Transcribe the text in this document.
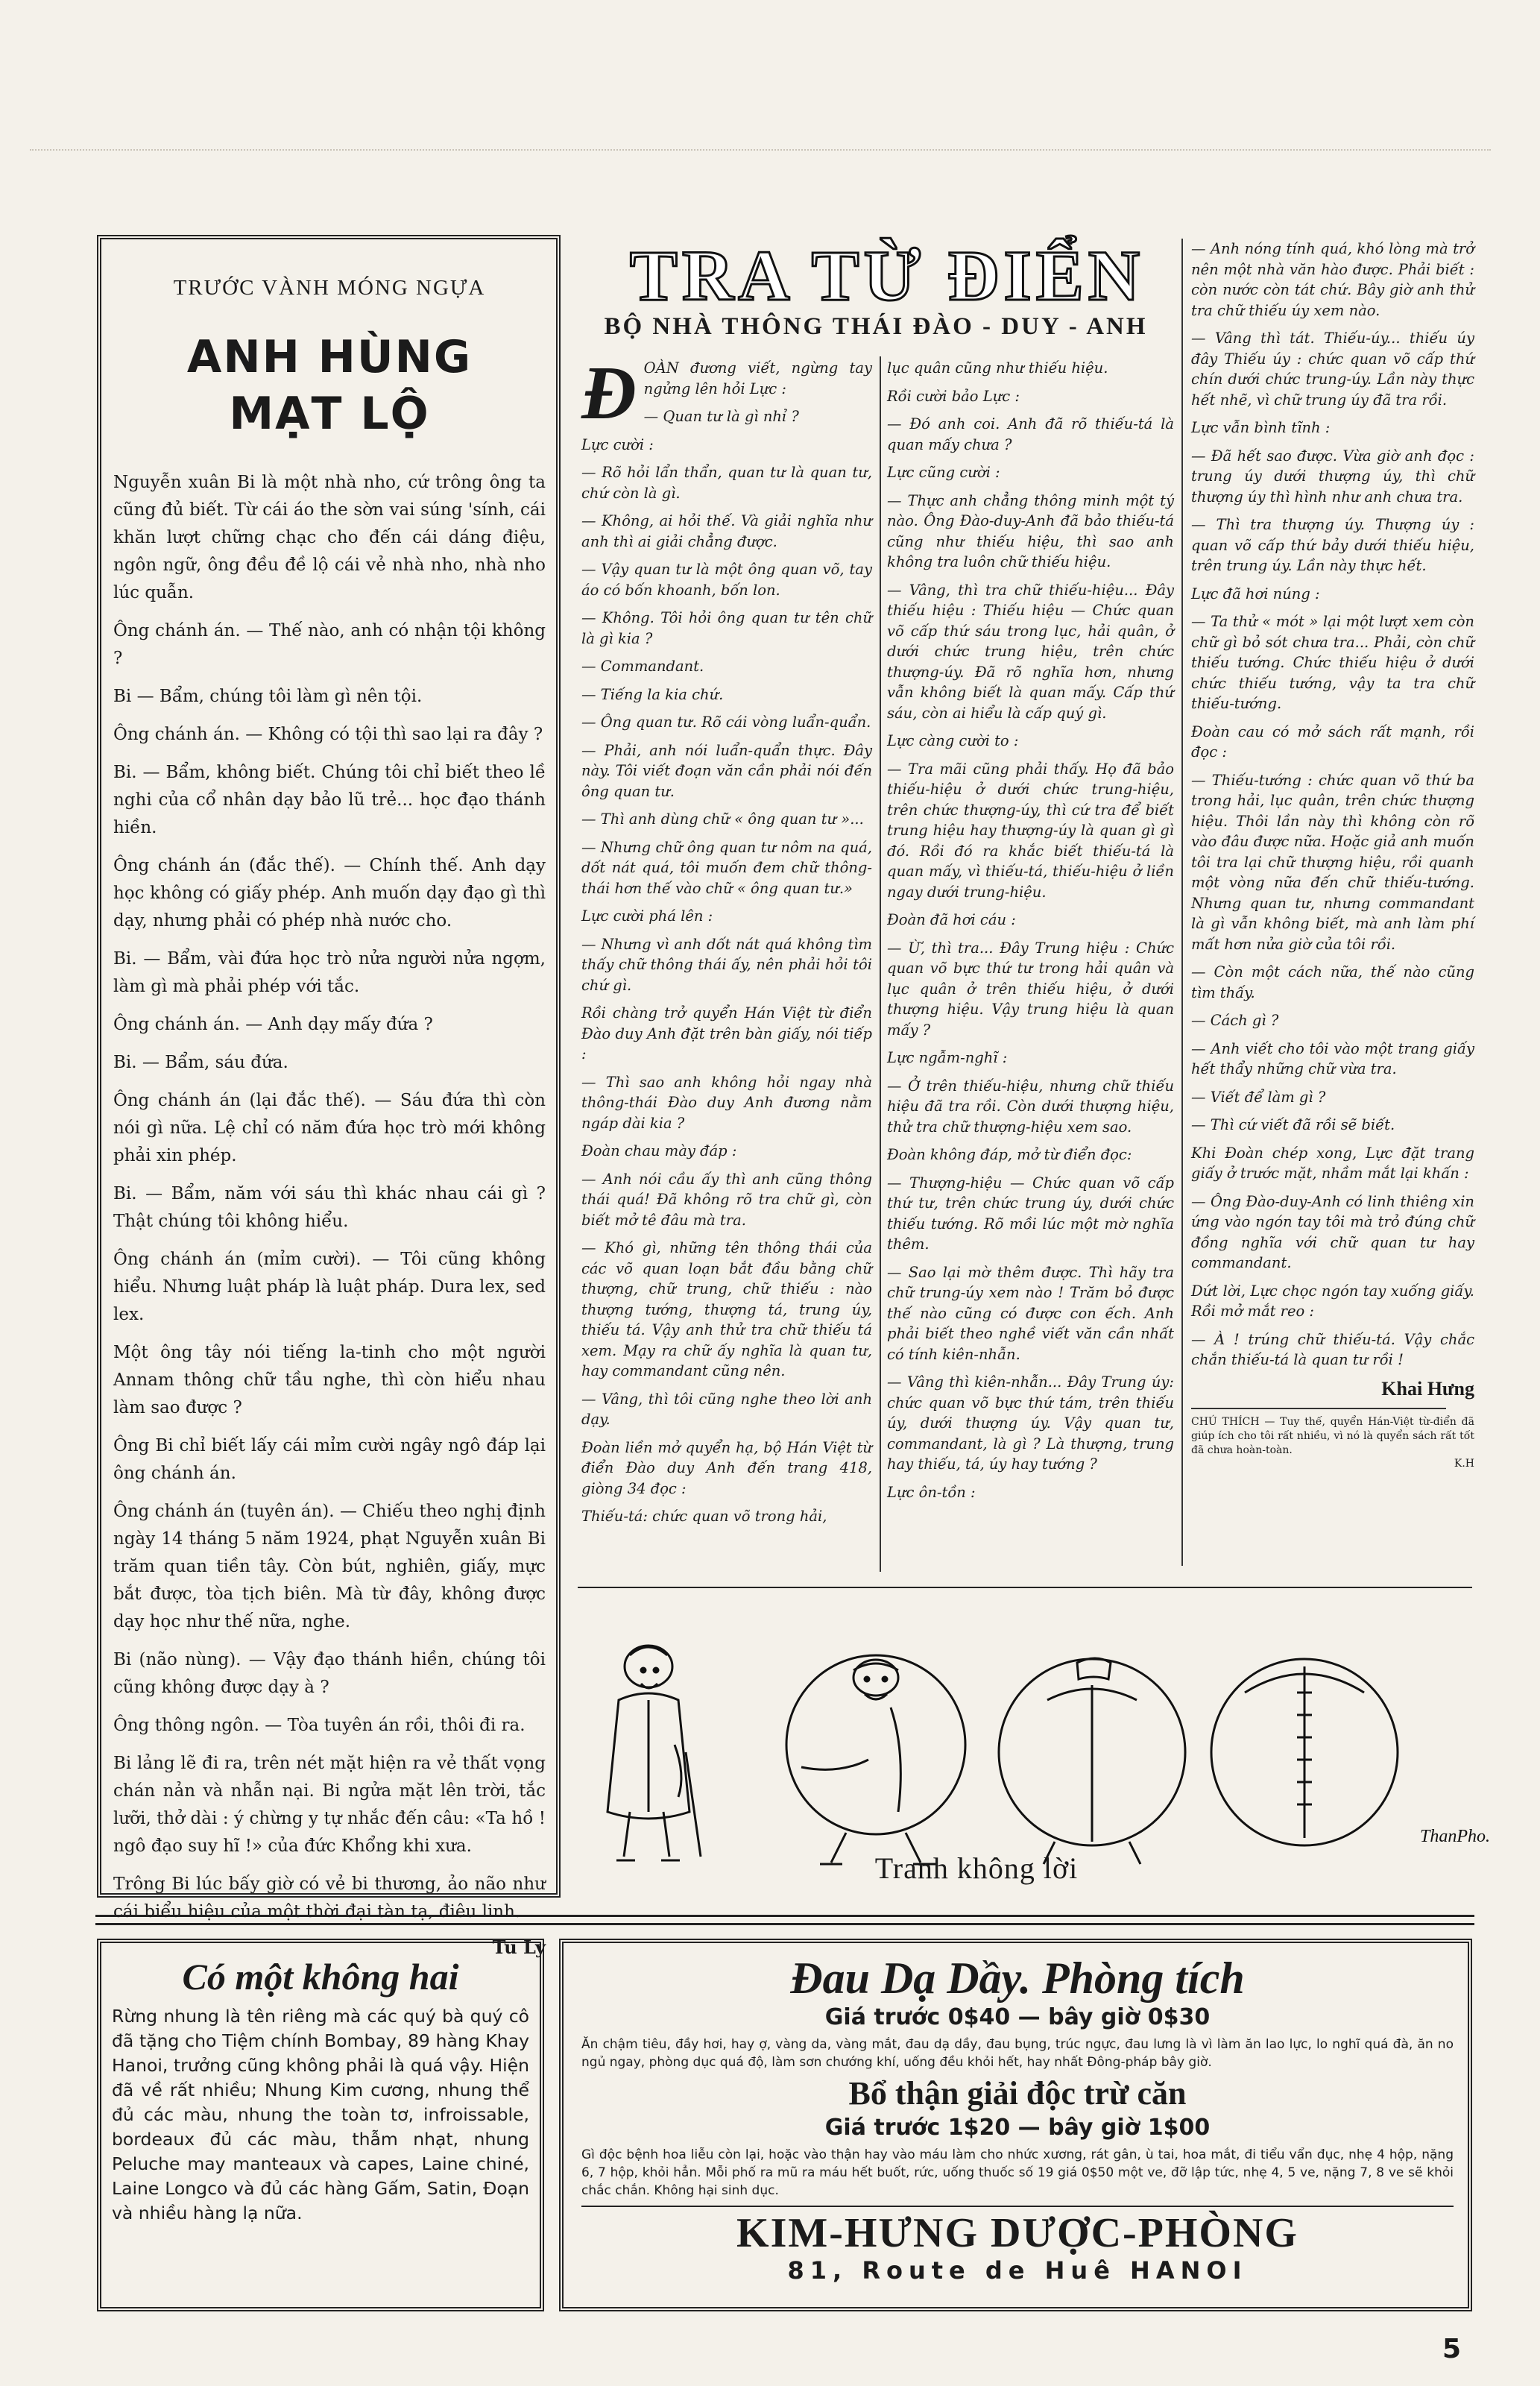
TRƯỚC VÀNH MÓNG NGỰA
ANH HÙNG
MẠT LỘ

Nguyễn xuân Bi là một nhà nho, cứ trông ông ta cũng đủ biết. Từ cái áo the sờn vai súng 'sính, cái khăn lượt chững chạc cho đến cái dáng điệu, ngôn ngữ, ông đều đề lộ cái vẻ nhà nho, nhà nho lúc quẫn.

Ông chánh án. — Thế nào, anh có nhận tội không ?

Bi — Bẩm, chúng tôi làm gì nên tội.

Ông chánh án. — Không có tội thì sao lại ra đây ?

Bi. — Bẩm, không biết. Chúng tôi chỉ biết theo lề nghi của cổ nhân dạy bảo lũ trẻ... học đạo thánh hiền.

Ông chánh án (đắc thế). — Chính thế. Anh dạy học không có giấy phép. Anh muốn dạy đạo gì thì dạy, nhưng phải có phép nhà nước cho.

Bi. — Bẩm, vài đứa học trò nửa người nửa ngợm, làm gì mà phải phép với tắc.

Ông chánh án. — Anh dạy mấy đứa ?

Bi. — Bẩm, sáu đứa.

Ông chánh án (lại đắc thế). — Sáu đứa thì còn nói gì nữa. Lệ chỉ có năm đứa học trò mới không phải xin phép.

Bi. — Bẩm, năm với sáu thì khác nhau cái gì ? Thật chúng tôi không hiểu.

Ông chánh án (mỉm cười). — Tôi cũng không hiểu. Nhưng luật pháp là luật pháp. Dura lex, sed lex.

Một ông tây nói tiếng la-tinh cho một người Annam thông chữ tầu nghe, thì còn hiểu nhau làm sao được ?

Ông Bi chỉ biết lấy cái mỉm cười ngây ngô đáp lại ông chánh án.

Ông chánh án (tuyên án). — Chiếu theo nghị định ngày 14 tháng 5 năm 1924, phạt Nguyễn xuân Bi trăm quan tiền tây. Còn bút, nghiên, giấy, mực bắt được, tòa tịch biên. Mà từ đây, không được dạy học như thế nữa, nghe.

Bi (não nùng). — Vậy đạo thánh hiền, chúng tôi cũng không được dạy à ?

Ông thông ngôn. — Tòa tuyên án rồi, thôi đi ra.

Bi lảng lẽ đi ra, trên nét mặt hiện ra vẻ thất vọng chán nản và nhẫn nại. Bi ngửa mặt lên trời, tắc lưỡi, thở dài : ý chừng y tự nhắc đến câu: «Ta hồ ! ngô đạo suy hĩ !» của đức Khổng khi xưa.

Trông Bi lúc bấy giờ có vẻ bi thương, ảo não như cái biểu hiệu của một thời đại tàn tạ, điêu linh.

Tu Ly
TRA TỪ ĐIỂN
BỘ NHÀ THÔNG THÁI ĐÀO - DUY - ANH
Đ OÀN đương viết, ngừng tay ngửng lên hỏi Lực :

— Quan tư là gì nhỉ ?

Lực cười :

— Rõ hỏi lẩn thẩn, quan tư là quan tư, chứ còn là gì.

— Không, ai hỏi thế. Và giải nghĩa như anh thì ai giải chẳng được.

— Vậy quan tư là một ông quan võ, tay áo có bốn khoanh, bốn lon.

— Không. Tôi hỏi ông quan tư tên chữ là gì kia ?

— Commandant.

— Tiếng la kia chứ.

— Ông quan tư. Rõ cái vòng luẩn-quẩn.

— Phải, anh nói luẩn-quẩn thực. Đây này. Tôi viết đoạn văn cần phải nói đến ông quan tư.

— Thì anh dùng chữ « ông quan tư »...

— Nhưng chữ ông quan tư nôm na quá, dốt nát quá, tôi muốn đem chữ thông-thái hơn thế vào chữ « ông quan tư.»

Lực cười phá lên :

— Nhưng vì anh dốt nát quá không tìm thấy chữ thông thái ấy, nên phải hỏi tôi chứ gì.

Rồi chàng trở quyển Hán Việt từ điển Đào duy Anh đặt trên bàn giấy, nói tiếp :

— Thì sao anh không hỏi ngay nhà thông-thái Đào duy Anh đương nằm ngáp dài kia ?

Đoàn chau mày đáp :

— Anh nói cầu ấy thì anh cũng thông thái quá! Đã không rõ tra chữ gì, còn biết mở tê đâu mà tra.

— Khó gì, những tên thông thái của các võ quan loạn bắt đầu bằng chữ thượng, chữ trung, chữ thiếu : nào thượng tướng, thượng tá, trung úy, thiếu tá. Vậy anh thử tra chữ thiếu tá xem. Mạy ra chữ ấy nghĩa là quan tư, hay commandant cũng nên.

— Vâng, thì tôi cũng nghe theo lời anh dạy.

Đoàn liền mở quyển hạ, bộ Hán Việt từ điển Đào duy Anh đến trang 418, giòng 34 đọc :

Thiếu-tá: chức quan võ trong hải,

lục quân cũng như thiếu hiệu.

Rồi cười bảo Lực :

— Đó anh coi. Anh đã rõ thiếu-tá là quan mấy chưa ?

Lực cũng cười :

— Thực anh chẳng thông minh một tý nào. Ông Đào-duy-Anh đã bảo thiếu-tá cũng như thiếu hiệu, thì sao anh không tra luôn chữ thiếu hiệu.

— Vâng, thì tra chữ thiếu-hiệu... Đây thiếu hiệu : Thiếu hiệu — Chức quan võ cấp thứ sáu trong lục, hải quân, ở dưới chức trung hiệu, trên chức thượng-úy. Đã rõ nghĩa hơn, nhưng vẫn không biết là quan mấy. Cấp thứ sáu, còn ai hiểu là cấp quý gì.

Lực càng cười to :

— Tra mãi cũng phải thấy. Họ đã bảo thiếu-hiệu ở dưới chức trung-hiệu, trên chức thượng-úy, thì cứ tra để biết trung hiệu hay thượng-úy là quan gì gì đó. Rồi đó ra khắc biết thiếu-tá là quan mấy, vì thiếu-tá, thiếu-hiệu ở liền ngay dưới trung-hiệu.

Đoàn đã hơi cáu :

— Ừ, thì tra... Đây Trung hiệu : Chức quan võ bực thứ tư trong hải quân và lục quân ở trên thiếu hiệu, ở dưới thượng hiệu. Vậy trung hiệu là quan mấy ?

Lực ngẫm-nghĩ :

— Ở trên thiếu-hiệu, nhưng chữ thiếu hiệu đã tra rồi. Còn dưới thượng hiệu, thử tra chữ thượng-hiệu xem sao.

Đoàn không đáp, mở từ điển đọc:

— Thượng-hiệu — Chức quan võ cấp thứ tư, trên chức trung úy, dưới chức thiếu tướng. Rõ mồi lúc một mờ nghĩa thêm.

— Sao lại mờ thêm được. Thì hãy tra chữ trung-úy xem nào ! Trăm bỏ được thế nào cũng có được con ếch. Anh phải biết theo nghề viết văn cần nhất có tính kiên-nhẫn.

— Vâng thì kiên-nhẫn... Đây Trung úy: chức quan võ bực thứ tám, trên thiếu úy, dưới thượng úy. Vậy quan tư, commandant, là gì ? Là thượng, trung hay thiếu, tá, úy hay tướng ?

Lực ôn-tồn :

— Anh nóng tính quá, khó lòng mà trở nên một nhà văn hào được. Phải biết : còn nước còn tát chứ. Bây giờ anh thử tra chữ thiếu úy xem nào.

— Vâng thì tát. Thiếu-úy... thiếu úy đây Thiếu úy : chức quan võ cấp thứ chín dưới chức trung-úy. Lần này thực hết nhẽ, vì chữ trung úy đã tra rồi.

Lực vẫn bình tĩnh :

— Đã hết sao được. Vừa giờ anh đọc : trung úy dưới thượng úy, thì chữ thượng úy thì hình như anh chưa tra.

— Thì tra thượng úy. Thượng úy : quan võ cấp thứ bảy dưới thiếu hiệu, trên trung úy. Lần này thực hết.

Lực đã hơi núng :

— Ta thử « mót » lại một lượt xem còn chữ gì bỏ sót chưa tra... Phải, còn chữ thiếu tướng. Chức thiếu hiệu ở dưới chức thiếu tướng, vậy ta tra chữ thiếu-tướng.

Đoàn cau có mở sách rất mạnh, rồi đọc :

— Thiếu-tướng : chức quan võ thứ ba trong hải, lục quân, trên chức thượng hiệu. Thôi lần này thì không còn rõ vào đâu được nữa. Hoặc giả anh muốn tôi tra lại chữ thượng hiệu, rồi quanh một vòng nữa đến chữ thiếu-tướng. Nhưng quan tư, nhưng commandant là gì vẫn không biết, mà anh làm phí mất hơn nửa giờ của tôi rồi.

— Còn một cách nữa, thế nào cũng tìm thấy.

— Cách gì ?

— Anh viết cho tôi vào một trang giấy hết thẩy những chữ vừa tra.

— Viết để làm gì ?

— Thì cứ viết đã rồi sẽ biết.

Khi Đoàn chép xong, Lực đặt trang giấy ở trước mặt, nhầm mắt lại khấn :

— Ông Đào-duy-Anh có linh thiêng xin ứng vào ngón tay tôi mà trỏ đúng chữ đồng nghĩa với chữ quan tư hay commandant.

Dứt lời, Lực chọc ngón tay xuống giấy. Rồi mở mắt reo :

— À ! trúng chữ thiếu-tá. Vậy chắc chắn thiếu-tá là quan tư rồi !

Khai Hưng

CHÚ THÍCH — Tuy thế, quyển Hán-Việt từ-điển đã giúp ích cho tôi rất nhiều, vì nó là quyển sách rất tốt đã chưa hoàn-toàn.

K.H
ThanPho.
Tranh không lời
Có một không hai

Rừng nhung là tên riêng mà các quý bà quý cô đã tặng cho Tiệm chính Bombay, 89 hàng Khay Hanoi, trưởng cũng không phải là quá vậy. Hiện đã về rất nhiều; Nhung Kim cương, nhung thể đủ các màu, nhung the toàn tơ, infroissable, bordeaux đủ các màu, thẫm nhạt, nhung Peluche may manteaux và capes, Laine chiné, Laine Longco và đủ các hàng Gấm, Satin, Đoạn và nhiều hàng lạ nữa.

Đau Dạ Dầy. Phòng tích
Giá trước 0$40 — bây giờ 0$30

Ăn chậm tiêu, đầy hơi, hay ợ, vàng da, vàng mắt, đau dạ dầy, đau bụng, trúc ngực, đau lưng là vì làm ăn lao lực, lo nghĩ quá đà, ăn no ngủ ngay, phòng dục quá độ, làm sơn chướng khí, uống đều khỏi hết, hay nhất Đông-pháp bây giờ.

Bổ thận giải độc trừ căn
Giá trước 1$20 — bây giờ 1$00

Gì độc bệnh hoa liễu còn lại, hoặc vào thận hay vào máu làm cho nhức xương, rát gân, ù tai, hoa mắt, đi tiểu vẩn đục, nhẹ 4 hộp, nặng 6, 7 hộp, khỏi hẳn. Mỗi phố ra mũ ra máu hết buốt, rức, uống thuốc số 19 giá 0$50 một ve, đỡ lập tức, nhẹ 4, 5 ve, nặng 7, 8 ve sẽ khỏi chắc chắn. Không hại sinh dục.

KIM-HƯNG DƯỢC-PHÒNG
81, Route de Huê HANOI
5
